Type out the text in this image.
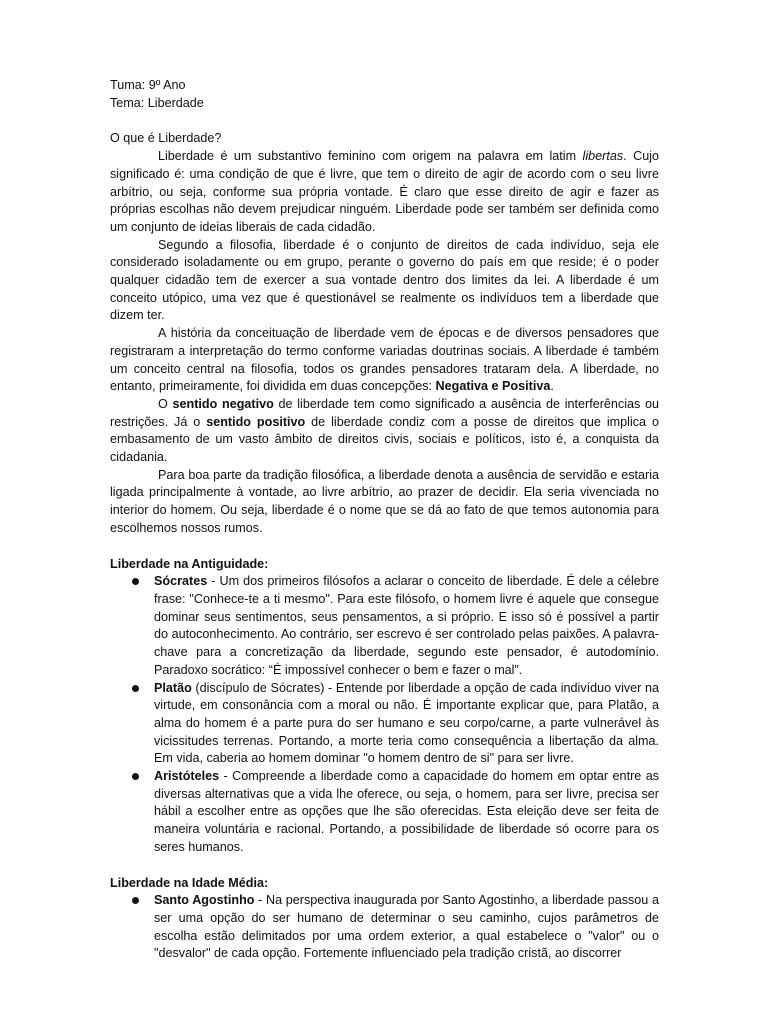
Tuma: 9º Ano

Tema: Liberdade

O que é Liberdade?

Liberdade é um substantivo feminino com origem na palavra em latim libertas. Cujo significado é: uma condição de que é livre, que tem o direito de agir de acordo com o seu livre arbítrio, ou seja, conforme sua própria vontade. É claro que esse direito de agir e fazer as próprias escolhas não devem prejudicar ninguém. Liberdade pode ser também ser definida como um conjunto de ideias liberais de cada cidadão.

Segundo a filosofia, liberdade é o conjunto de direitos de cada indivíduo, seja ele considerado isoladamente ou em grupo, perante o governo do país em que reside; é o poder qualquer cidadão tem de exercer a sua vontade dentro dos limites da lei. A liberdade é um conceito utópico, uma vez que é questionável se realmente os indivíduos tem a liberdade que dizem ter.

A história da conceituação de liberdade vem de épocas e de diversos pensadores que registraram a interpretação do termo conforme variadas doutrinas sociais. A liberdade é também um conceito central na filosofia, todos os grandes pensadores trataram dela. A liberdade, no entanto, primeiramente, foi dividida em duas concepções: Negativa e Positiva.

O sentido negativo de liberdade tem como significado a ausência de interferências ou restrições. Já o sentido positivo de liberdade condiz com a posse de direitos que implica o embasamento de um vasto âmbito de direitos civis, sociais e políticos, isto é, a conquista da cidadania.

Para boa parte da tradição filosófica, a liberdade denota a ausência de servidão e estaria ligada principalmente à vontade, ao livre arbítrio, ao prazer de decidir. Ela seria vivenciada no interior do homem. Ou seja, liberdade é o nome que se dá ao fato de que temos autonomia para escolhemos nossos rumos.

Liberdade na Antiguidade:

Sócrates - Um dos primeiros filósofos a aclarar o conceito de liberdade. É dele a célebre frase: "Conhece-te a ti mesmo". Para este filósofo, o homem livre é aquele que consegue dominar seus sentimentos, seus pensamentos, a si próprio. E isso só é possível a partir do autoconhecimento. Ao contrário, ser escrevo é ser controlado pelas paixões. A palavra-chave para a concretização da liberdade, segundo este pensador, é autodomínio. Paradoxo socrático: “É impossível conhecer o bem e fazer o mal”.
Platão (discípulo de Sócrates) - Entende por liberdade a opção de cada indivíduo viver na virtude, em consonância com a moral ou não. É importante explicar que, para Platão, a alma do homem é a parte pura do ser humano e seu corpo/carne, a parte vulnerável às vicissitudes terrenas. Portando, a morte teria como consequência a libertação da alma. Em vida, caberia ao homem dominar "o homem dentro de si" para ser livre.
Aristóteles - Compreende a liberdade como a capacidade do homem em optar entre as diversas alternativas que a vida lhe oferece, ou seja, o homem, para ser livre, precisa ser hábil a escolher entre as opções que lhe são oferecidas. Esta eleição deve ser feita de maneira voluntária e racional. Portando, a possibilidade de liberdade só ocorre para os seres humanos.

Liberdade na Idade Média:

Santo Agostinho - Na perspectiva inaugurada por Santo Agostinho, a liberdade passou a ser uma opção do ser humano de determinar o seu caminho, cujos parâmetros de escolha estão delimitados por uma ordem exterior, a qual estabelece o "valor" ou o "desvalor" de cada opção. Fortemente influenciado pela tradição cristã, ao discorrer
